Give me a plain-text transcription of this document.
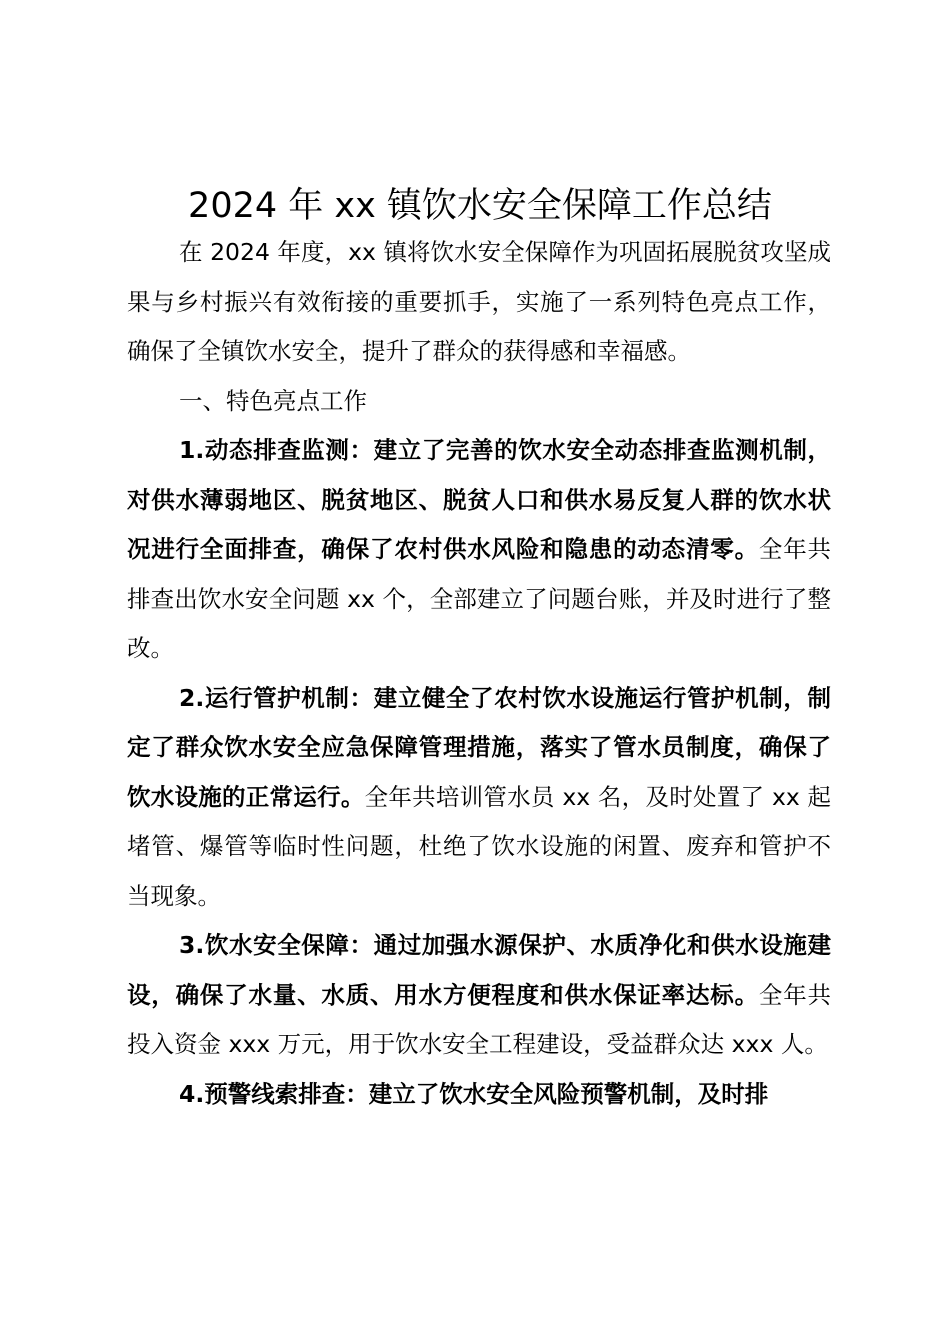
2024 年 xx 镇饮水安全保障工作总结

在 2024 年度，xx 镇将饮水安全保障作为巩固拓展脱贫攻坚成果与乡村振兴有效衔接的重要抓手，实施了一系列特色亮点工作，确保了全镇饮水安全，提升了群众的获得感和幸福感。

一、特色亮点工作

1.动态排查监测：建立了完善的饮水安全动态排查监测机制，对供水薄弱地区、脱贫地区、脱贫人口和供水易反复人群的饮水状况进行全面排查，确保了农村供水风险和隐患的动态清零。全年共排查出饮水安全问题 xx 个，全部建立了问题台账，并及时进行了整改。

2.运行管护机制：建立健全了农村饮水设施运行管护机制，制定了群众饮水安全应急保障管理措施，落实了管水员制度，确保了饮水设施的正常运行。全年共培训管水员 xx 名，及时处置了 xx 起堵管、爆管等临时性问题，杜绝了饮水设施的闲置、废弃和管护不当现象。

3.饮水安全保障：通过加强水源保护、水质净化和供水设施建设，确保了水量、水质、用水方便程度和供水保证率达标。全年共投入资金 xxx 万元，用于饮水安全工程建设，受益群众达 xxx 人。

4.预警线索排查：建立了饮水安全风险预警机制，及时排
